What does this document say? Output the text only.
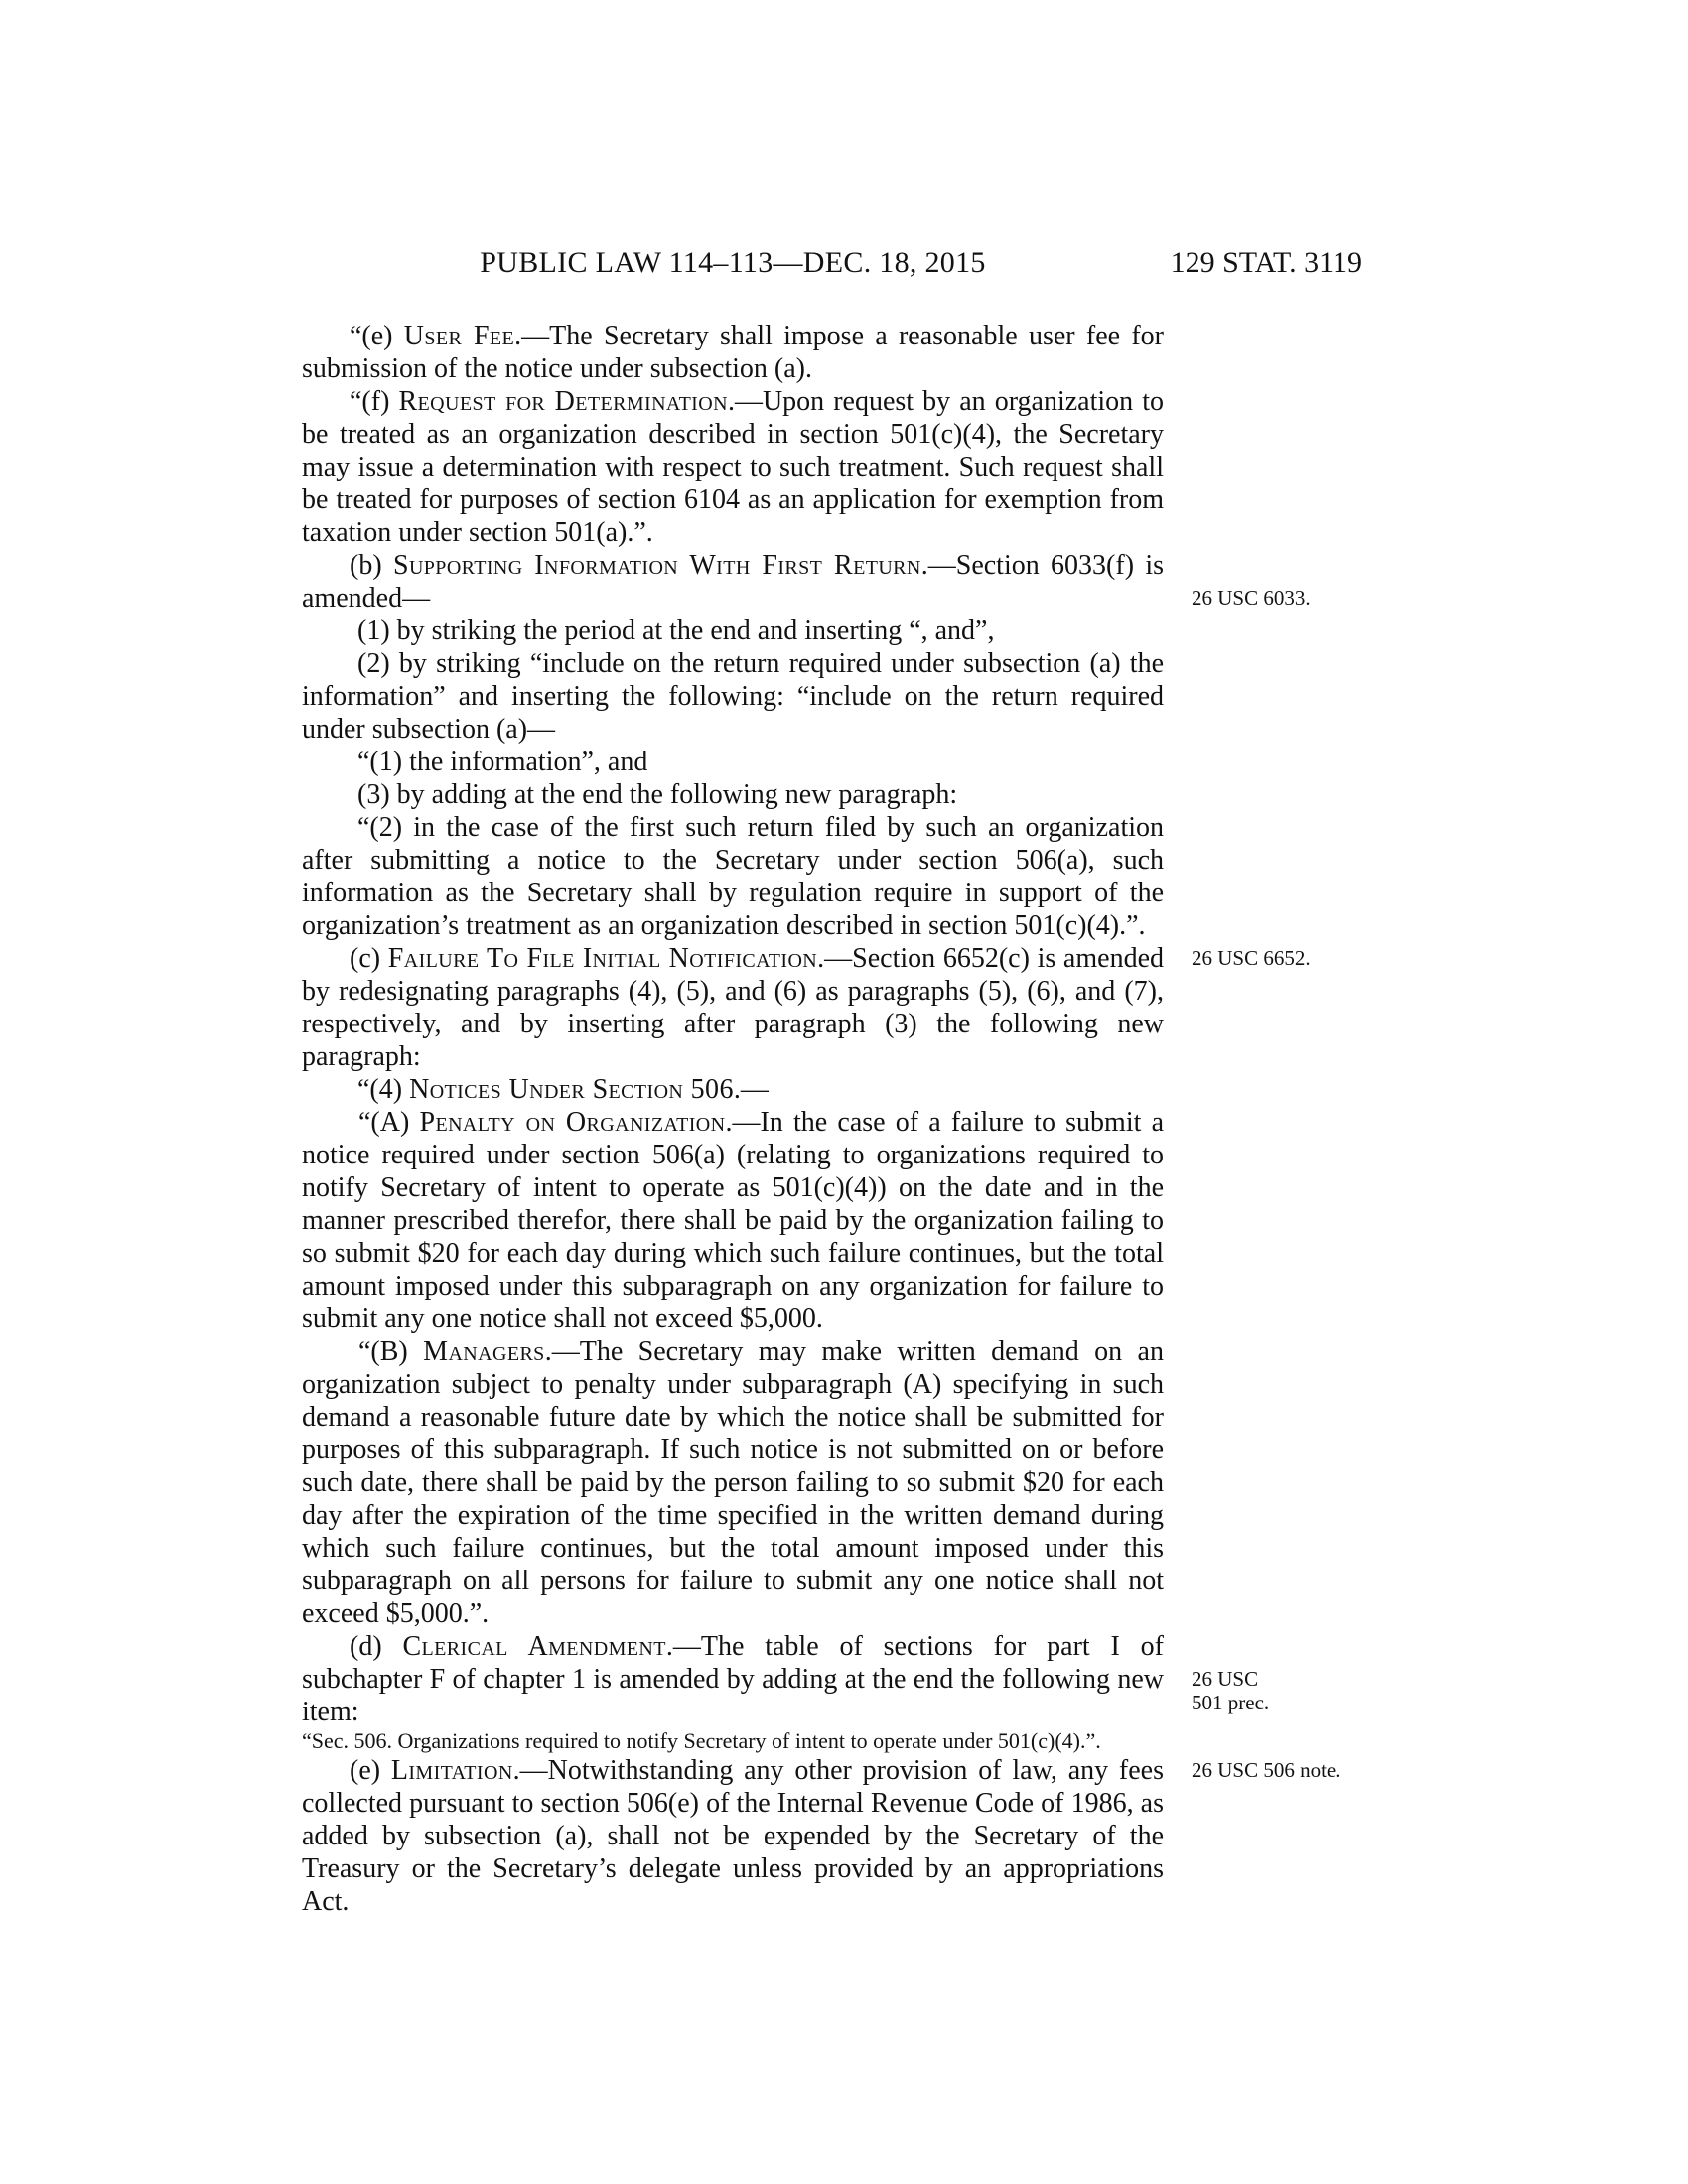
PUBLIC LAW 114–113—DEC. 18, 2015	129 STAT. 3119

“(e) User Fee.—The Secretary shall impose a reasonable user fee for submission of the notice under subsection (a).

“(f) Request for Determination.—Upon request by an organization to be treated as an organization described in section 501(c)(4), the Secretary may issue a determination with respect to such treatment. Such request shall be treated for purposes of section 6104 as an application for exemption from taxation under section 501(a).”.

(b) Supporting Information With First Return.—Section 6033(f) is amended—	26 USC 6033.

(1) by striking the period at the end and inserting “, and”,

(2) by striking “include on the return required under subsection (a) the information” and inserting the following: “include on the return required under subsection (a)—

“(1) the information”, and

(3) by adding at the end the following new paragraph:

“(2) in the case of the first such return filed by such an organization after submitting a notice to the Secretary under section 506(a), such information as the Secretary shall by regulation require in support of the organization’s treatment as an organization described in section 501(c)(4).”.

(c) Failure To File Initial Notification.—Section 6652(c) is amended by redesignating paragraphs (4), (5), and (6) as paragraphs (5), (6), and (7), respectively, and by inserting after paragraph (3) the following new paragraph:
26 USC 6652.

“(4) Notices Under Section 506.—

“(A) Penalty on Organization.—In the case of a failure to submit a notice required under section 506(a) (relating to organizations required to notify Secretary of intent to operate as 501(c)(4)) on the date and in the manner prescribed therefor, there shall be paid by the organization failing to so submit $20 for each day during which such failure continues, but the total amount imposed under this subparagraph on any organization for failure to submit any one notice shall not exceed $5,000.

“(B) Managers.—The Secretary may make written demand on an organization subject to penalty under subparagraph (A) specifying in such demand a reasonable future date by which the notice shall be submitted for purposes of this subparagraph. If such notice is not submitted on or before such date, there shall be paid by the person failing to so submit $20 for each day after the expiration of the time specified in the written demand during which such failure continues, but the total amount imposed under this subparagraph on all persons for failure to submit any one notice shall not exceed $5,000.”.

(d) Clerical Amendment.—The table of sections for part I of subchapter F of chapter 1 is amended by adding at the end the following new item:
26 USC
501 prec.

“Sec. 506. Organizations required to notify Secretary of intent to operate under 501(c)(4).”.

(e) Limitation.—Notwithstanding any other provision of law, any fees collected pursuant to section 506(e) of the Internal Revenue Code of 1986, as added by subsection (a), shall not be expended by the Secretary of the Treasury or the Secretary’s delegate unless provided by an appropriations Act.
26 USC 506 note.
